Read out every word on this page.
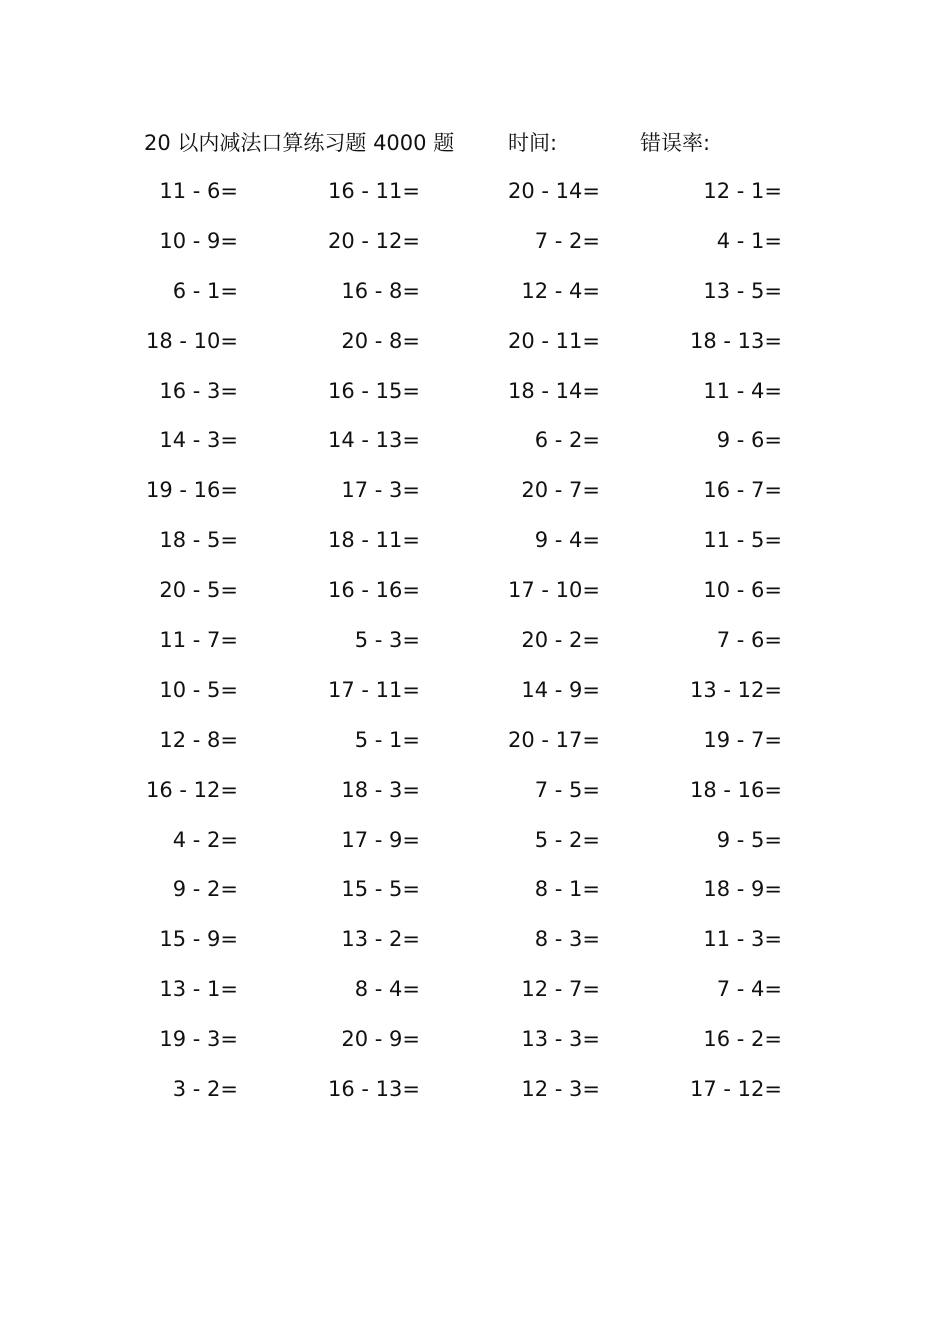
20 以内减法口算练习题 4000 题	时间:	错误率:
11 - 6=	16 - 11=	20 - 14=	12 - 1=
10 - 9=	20 - 12=	7 - 2=	4 - 1=
6 - 1=	16 - 8=	12 - 4=	13 - 5=
18 - 10=	20 - 8=	20 - 11=	18 - 13=
16 - 3=	16 - 15=	18 - 14=	11 - 4=
14 - 3=	14 - 13=	6 - 2=	9 - 6=
19 - 16=	17 - 3=	20 - 7=	16 - 7=
18 - 5=	18 - 11=	9 - 4=	11 - 5=
20 - 5=	16 - 16=	17 - 10=	10 - 6=
11 - 7=	5 - 3=	20 - 2=	7 - 6=
10 - 5=	17 - 11=	14 - 9=	13 - 12=
12 - 8=	5 - 1=	20 - 17=	19 - 7=
16 - 12=	18 - 3=	7 - 5=	18 - 16=
4 - 2=	17 - 9=	5 - 2=	9 - 5=
9 - 2=	15 - 5=	8 - 1=	18 - 9=
15 - 9=	13 - 2=	8 - 3=	11 - 3=
13 - 1=	8 - 4=	12 - 7=	7 - 4=
19 - 3=	20 - 9=	13 - 3=	16 - 2=
3 - 2=	16 - 13=	12 - 3=	17 - 12=
